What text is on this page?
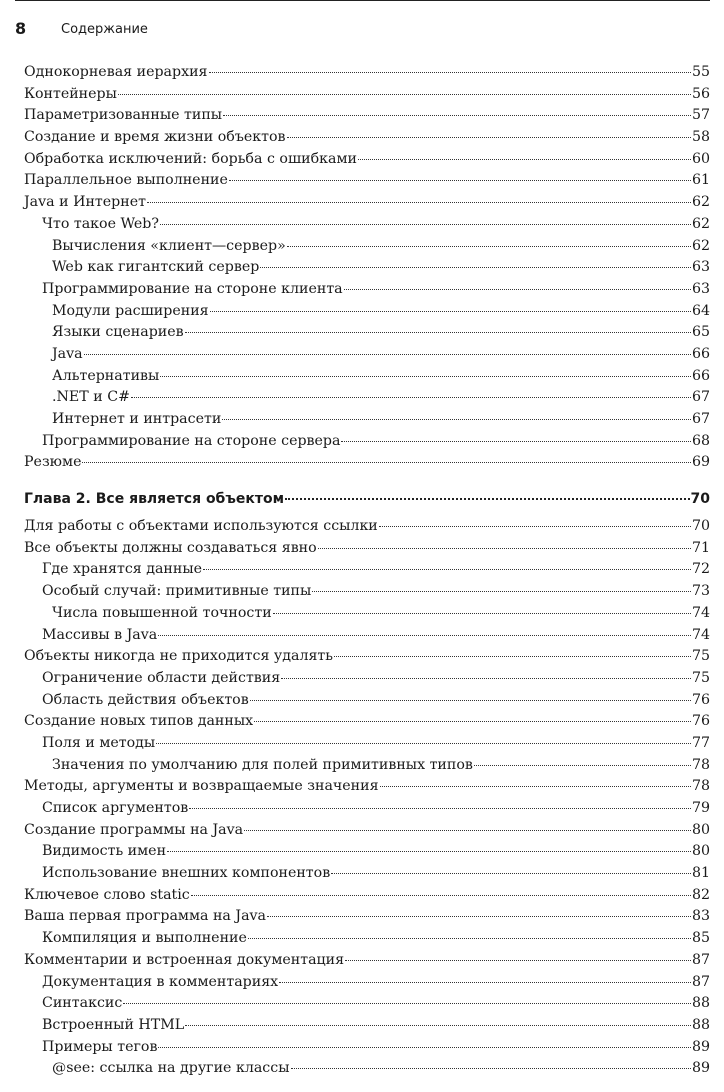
8	Содержание
Однокорневая иерархия	55
Контейнеры	56
Параметризованные типы	57
Создание и время жизни объектов	58
Обработка исключений: борьба с ошибками	60
Параллельное выполнение	61
Java и Интернет	62
Что такое Web?	62
Вычисления «клиент—сервер»	62
Web как гигантский сервер	63
Программирование на стороне клиента	63
Модули расширения	64
Языки сценариев	65
Java	66
Альтернативы	66
.NET и C#	67
Интернет и интрасети	67
Программирование на стороне сервера	68
Резюме	69
Глава 2. Все является объектом	70
Для работы с объектами используются ссылки	70
Все объекты должны создаваться явно	71
Где хранятся данные	72
Особый случай: примитивные типы	73
Числа повышенной точности	74
Массивы в Java	74
Объекты никогда не приходится удалять	75
Ограничение области действия	75
Область действия объектов	76
Создание новых типов данных	76
Поля и методы	77
Значения по умолчанию для полей примитивных типов	78
Методы, аргументы и возвращаемые значения	78
Список аргументов	79
Создание программы на Java	80
Видимость имен	80
Использование внешних компонентов	81
Ключевое слово static	82
Ваша первая программа на Java	83
Компиляция и выполнение	85
Комментарии и встроенная документация	87
Документация в комментариях	87
Синтаксис	88
Встроенный HTML	88
Примеры тегов	89
@see: ссылка на другие классы	89
